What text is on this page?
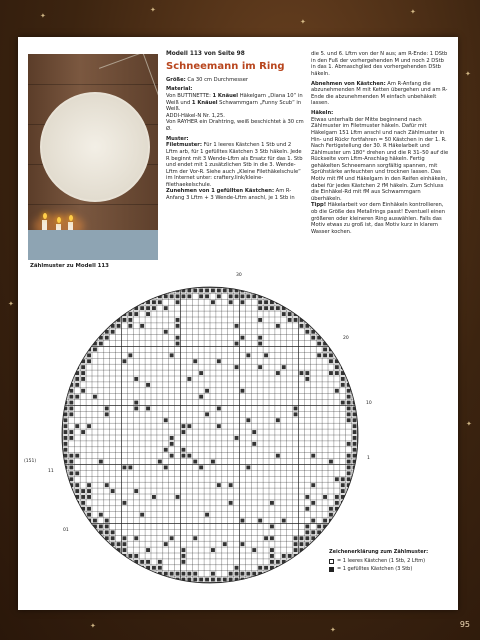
✦
✦
✦
✦
✦
✦
✦
✦	✦
Modell 113 von Seite 98
Schneemann im Ring

Größe: Ca 30 cm Durchmesser

Material:
Von BUTTINETTE: 1 Knäuel Häkelgarn „Diana 10“ in Weiß und 1 Knäuel Schwammgarn „Funny Scub“ in Weiß.
ADDI-Häkel-N Nr. 1,25.
Von RAYHER ein Drahtring, weiß beschichtet à 30 cm Ø.

Muster:
Filetmuster: Für 1 leeres Kästchen 1 Stb und 2 Lftm arb, für 1 gefülltes Kästchen 3 Stb häkeln. Jede R beginnt mit 3 Wende-Lftm als Ersatz für das 1. Stb und endet mit 1 zusätzlichen Stb in die 3. Wende-Lftm der Vor-R. Siehe auch „Kleine Filethäkelschule“ im Internet unter: craftery.link/kleine-filethaekelschule.
Zunehmen von 1 gefüllten Kästchen: Am R-Anfang 3 Lftm + 3 Wende-Lftm anschl, je 1 Stb in

die 5. und 6. Lftm von der N aus; am R-Ende: 1 DStb in den Fuß der vorhergehenden M und noch 2 DStb in das 1. Abmaschglied des vorhergehenden DStb häkeln.

Abnehmen von Kästchen: Am R-Anfang die abzunehmenden M mit Ketten übergehen und am R-Ende die abzunehmenden M einfach unbehäkelt lassen.

Häkeln:
Etwas unterhalb der Mitte beginnend nach Zählmuster im Filetmuster häkeln. Dafür mit Häkelgarn 151 Lftm anschl und nach Zählmuster in Hin- und Rückr fortfahren = 50 Kästchen in der 1. R. Nach Fertigstellung der 30. R Häkelarbeit und Zählmuster um 180° drehen und die R 31–50 auf die Rückseite vom Lftm-Anschlag häkeln. Fertig gehäkelten Schneemann sorgfältig spannen, mit Sprühstärke anfeuchten und trocknen lassen. Das Motiv mit fM und Häkelgarn in den Reifen einhäkeln, dabei für jedes Kästchen 2 fM häkeln. Zum Schluss die Einhäkel-Rd mit fM aus Schwammgarn überhäkeln.
Tipp! Häkelarbeit vor dem Einhäkeln kontrollieren, ob die Größe des Metallrings passt! Eventuell einen größeren oder kleineren Ring auswählen. Falls das Motiv etwas zu groß ist, das Motiv kurz in klarem Wasser kochen.

Zählmuster zu Modell 113
30
20
10
1
(151)
11
01
Zeichenerklärung zum Zählmuster:
= 1 leeres Kästchen (1 Stb, 2 Lftm)
= 1 gefülltes Kästchen (3 Stb)
95
